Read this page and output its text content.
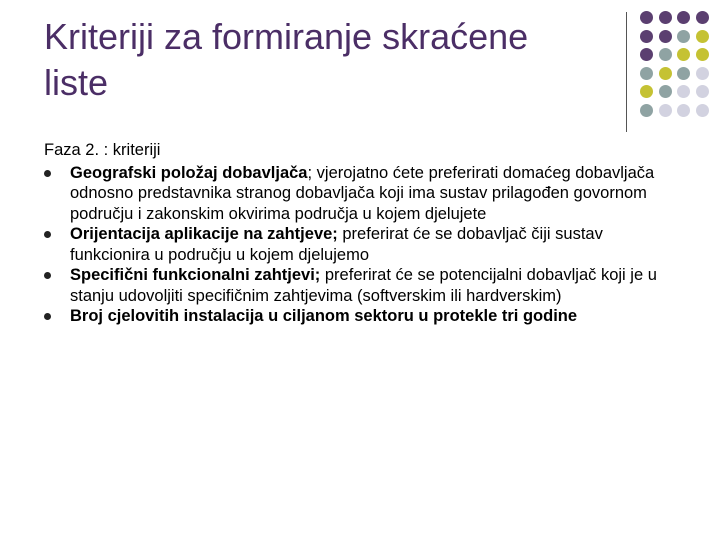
Kriteriji za formiranje skraćene
liste

Faza 2. : kriteriji

Geografski položaj dobavljača; vjerojatno ćete preferirati domaćeg dobavljača odnosno predstavnika stranog dobavljača koji ima sustav prilagođen govornom području i zakonskim okvirima područja u kojem djelujete
Orijentacija aplikacije na zahtjeve; preferirat će se dobavljač čiji sustav funkcionira u području u kojem djelujemo
Specifični funkcionalni zahtjevi; preferirat će se potencijalni dobavljač koji je u stanju udovoljiti specifičnim zahtjevima (softverskim ili hardverskim)
Broj cjelovitih instalacija u ciljanom sektoru u protekle tri godine
